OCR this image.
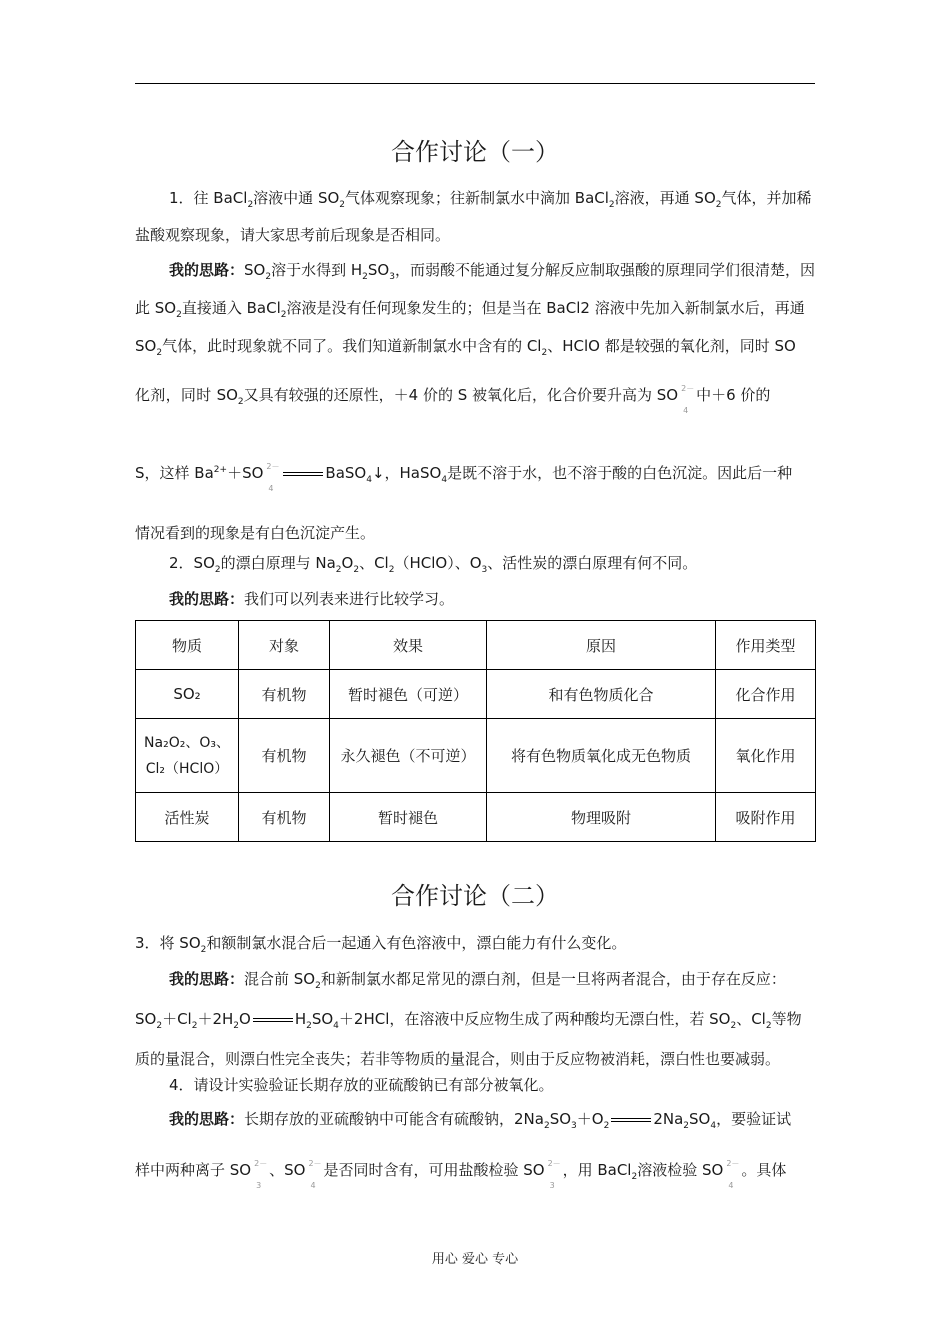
合作讨论（一）
1．往 BaCl$_2$溶液中通 $SO_2$气体观察现象；往新制氯水中滴加 BaCl$_2$溶液，再通 $SO_2$气体，并加稀盐酸观察现象，请大家思考前后现象是否相同。
我的思路：$SO_2$溶于水得到 $H_2SO_3$，而弱酸不能通过复分解反应制取强酸的原理同学们很清楚，因此 $SO_2$直接通入 BaCl$_2$溶液是没有任何现象发生的；但是当在 BaCl2 溶液中先加入新制氯水后，再通 $SO_2$气体，此时现象就不同了。我们知道新制氯水中含有的 $Cl_2$、HClO 都是较强的氧化剂，同时 SO
化剂，同时 $SO_2$又具有较强的还原性，＋4 价的 S 被氧化后，化合价要升高为 SO 2－
4
中＋6 价的
S，这样 $Ba^{2+}+SO$ 2－
4
BaSO$_4$↓，HaSO$_4$是既不溶于水，也不溶于酸的白色沉淀。因此后一种
情况看到的现象是有白色沉淀产生。
2．$SO_2$的漂白原理与 $Na_2O_2$、$Cl_2(HClO)$、$O_3$、活性炭的漂白原理有何不同。
我的思路：我们可以列表来进行比较学习。
物质	对象	效果	原因	作用类型
SO₂	有机物	暂时褪色（可逆）	和有色物质化合	化合作用
Na₂O₂、O₃、Cl₂（HClO）	有机物	永久褪色（不可逆）	将有色物质氧化成无色物质	氧化作用
活性炭	有机物	暂时褪色	物理吸附	吸附作用
合作讨论（二）
3．将 $SO_2$和额制氯水混合后一起通入有色溶液中，漂白能力有什么变化。
我的思路：混合前 $SO_2$和新制氯水都足常见的漂白剂，但是一旦将两者混合，由于存在反应：$SO_2+Cl_2+2H_2O$	$H_2SO_4+2HCl$，在溶液中反应物生成了两种酸均无漂白性，若 $SO_2$、$Cl_2$等物质的量混合，则漂白性完全丧失；若非等物质的量混合，则由于反应物被消耗，漂白性也要减弱。
4．请设计实验验证长期存放的亚硫酸钠已有部分被氧化。
我的思路：长期存放的亚硫酸钠中可能含有硫酸钠，$2Na_2SO_3+O_2$	$2Na_2SO_4$，要验证试
样中两种离子 SO 2－
3
、SO 2－
4
是否同时含有，可用盐酸检验 SO 2－
3
，用 BaCl$_2$溶液检验 SO 2－
4
。具体
用心 爱心 专心
